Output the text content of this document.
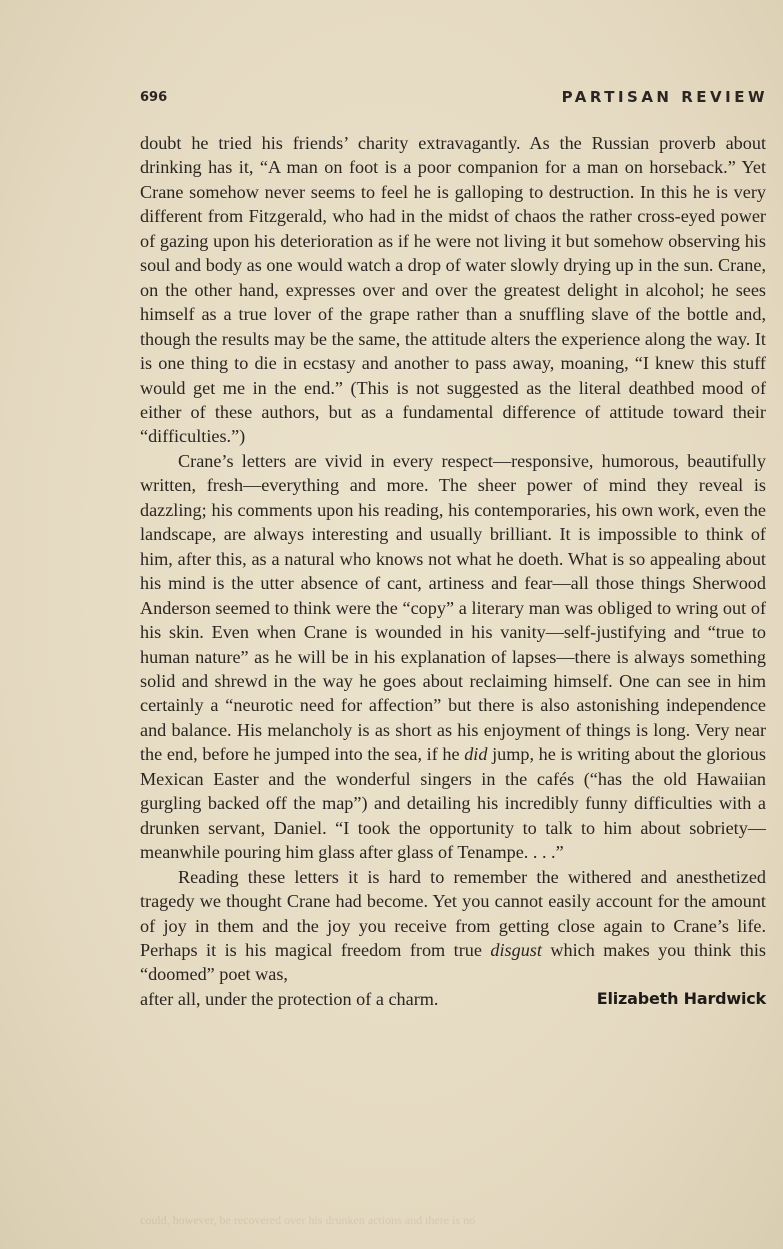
696	PARTISAN REVIEW

doubt he tried his friends’ charity extravagantly. As the Russian proverb about drinking has it, “A man on foot is a poor companion for a man on horseback.” Yet Crane somehow never seems to feel he is galloping to destruction. In this he is very different from Fitzgerald, who had in the midst of chaos the rather cross-eyed power of gazing upon his deterioration as if he were not living it but somehow observing his soul and body as one would watch a drop of water slowly drying up in the sun. Crane, on the other hand, expresses over and over the greatest delight in alcohol; he sees himself as a true lover of the grape rather than a snuffling slave of the bottle and, though the results may be the same, the attitude alters the experience along the way. It is one thing to die in ecstasy and another to pass away, moaning, “I knew this stuff would get me in the end.” (This is not suggested as the literal deathbed mood of either of these authors, but as a fundamental difference of attitude toward their “difficulties.”)

Crane’s letters are vivid in every respect—responsive, humorous, beautifully written, fresh—everything and more. The sheer power of mind they reveal is dazzling; his comments upon his reading, his contemporaries, his own work, even the landscape, are always interesting and usually brilliant. It is impossible to think of him, after this, as a natural who knows not what he doeth. What is so appealing about his mind is the utter absence of cant, artiness and fear—all those things Sherwood Anderson seemed to think were the “copy” a literary man was obliged to wring out of his skin. Even when Crane is wounded in his vanity—self-justifying and “true to human nature” as he will be in his explanation of lapses—there is always something solid and shrewd in the way he goes about reclaiming himself. One can see in him certainly a “neurotic need for affection” but there is also astonishing independence and balance. His melancholy is as short as his enjoyment of things is long. Very near the end, before he jumped into the sea, if he did jump, he is writing about the glorious Mexican Easter and the wonderful singers in the cafés (“has the old Hawaiian gurgling backed off the map”) and detailing his incredibly funny difficulties with a drunken servant, Daniel. “I took the opportunity to talk to him about sobriety—meanwhile pouring him glass after glass of Tenampe. . . .”

Reading these letters it is hard to remember the withered and anesthetized tragedy we thought Crane had become. Yet you cannot easily account for the amount of joy in them and the joy you receive from getting close again to Crane’s life. Perhaps it is his magical freedom from true disgust which makes you think this “doomed” poet was,

after all, under the protection of a charm.	Elizabeth Hardwick
could, however, be recovered over his drunken actions and there is no
